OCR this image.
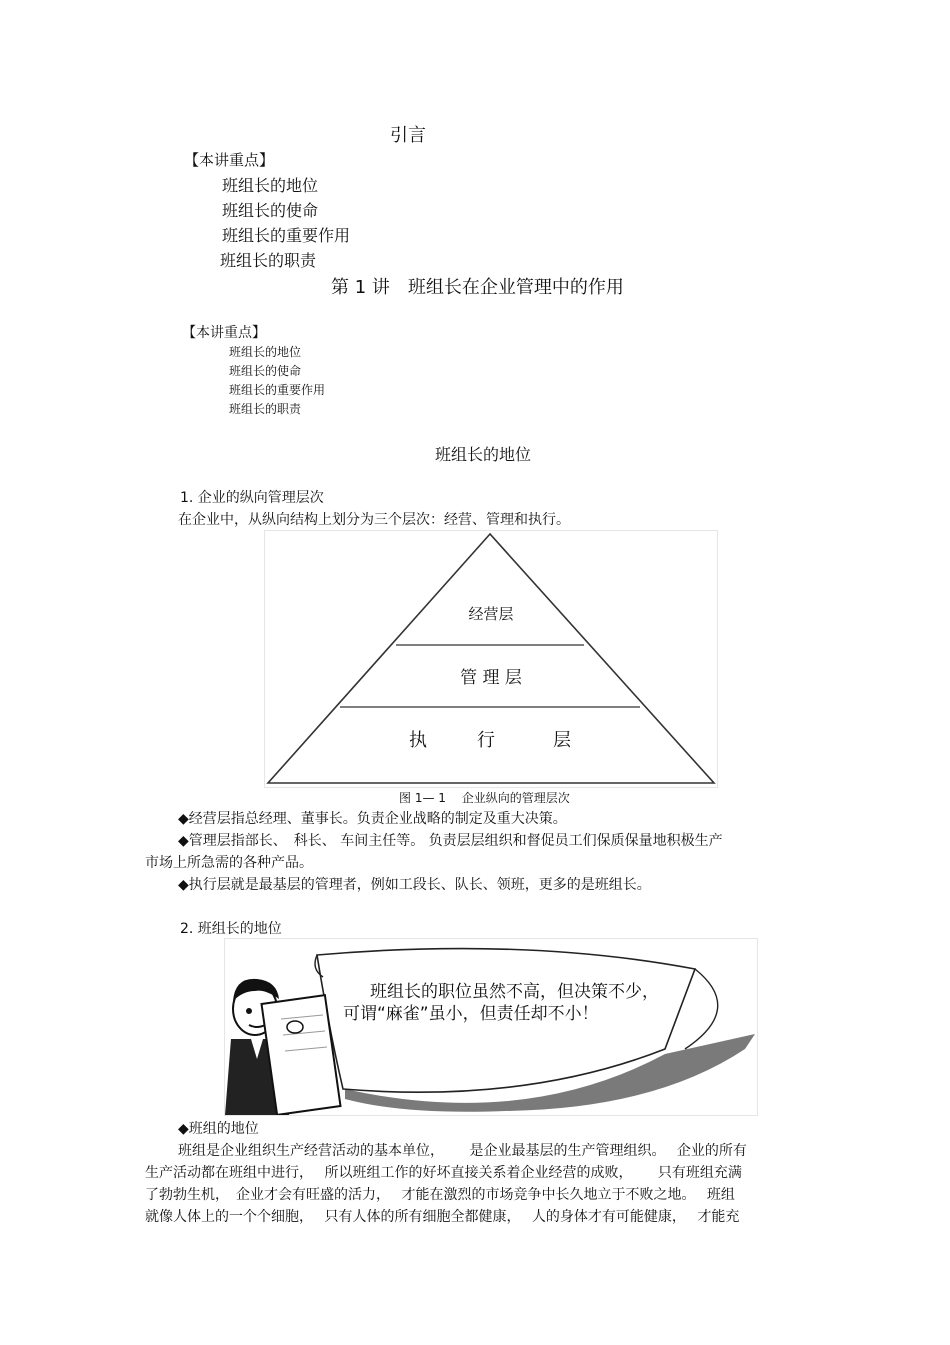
引言
【本讲重点】
班组长的地位
班组长的使命
班组长的重要作用
班组长的职责
第 1 讲　班组长在企业管理中的作用
【本讲重点】
班组长的地位
班组长的使命
班组长的重要作用
班组长的职责
班组长的地位
1. 企业的纵向管理层次
在企业中，从纵向结构上划分为三个层次：经营、管理和执行。
经营层
管 理 层
执	行	层
图 1— 1　 企业纵向的管理层次
◆经营层指总经理、董事长。负责企业战略的制定及重大决策。
◆管理层指部长、　科长、 车间主任等。 负责层层组织和督促员工们保质保量地积极生产
市场上所急需的各种产品。
◆执行层就是最基层的管理者，例如工段长、队长、领班，更多的是班组长。
2. 班组长的地位
班组长的职位虽然不高，但决策不少，
可谓“麻雀”虽小，但责任却不小！
◆班组的地位
班组是企业组织生产经营活动的基本单位，　　 是企业最基层的生产管理组织。　 企业的所有
生产活动都在班组中进行，　 所以班组工作的好坏直接关系着企业经营的成败，　　 只有班组充满
了勃勃生机，　企业才会有旺盛的活力，　 才能在激烈的市场竞争中长久地立于不败之地。　 班组
就像人体上的一个个细胞，　 只有人体的所有细胞全都健康，　 人的身体才有可能健康，　 才能充
